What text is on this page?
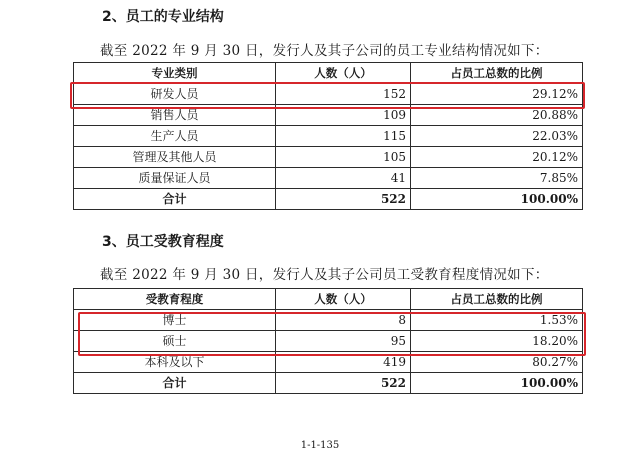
2、员工的专业结构
截至 2022 年 9 月 30 日，发行人及其子公司的员工专业结构情况如下：
专业类别	人数（人）	占员工总数的比例
研发人员	152	29.12%
销售人员	109	20.88%
生产人员	115	22.03%
管理及其他人员	105	20.12%
质量保证人员	41	7.85%
合计	522	100.00%
3、员工受教育程度
截至 2022 年 9 月 30 日，发行人及其子公司员工受教育程度情况如下：
受教育程度	人数（人）	占员工总数的比例
博士	8	1.53%
硕士	95	18.20%
本科及以下	419	80.27%
合计	522	100.00%
1-1-135
